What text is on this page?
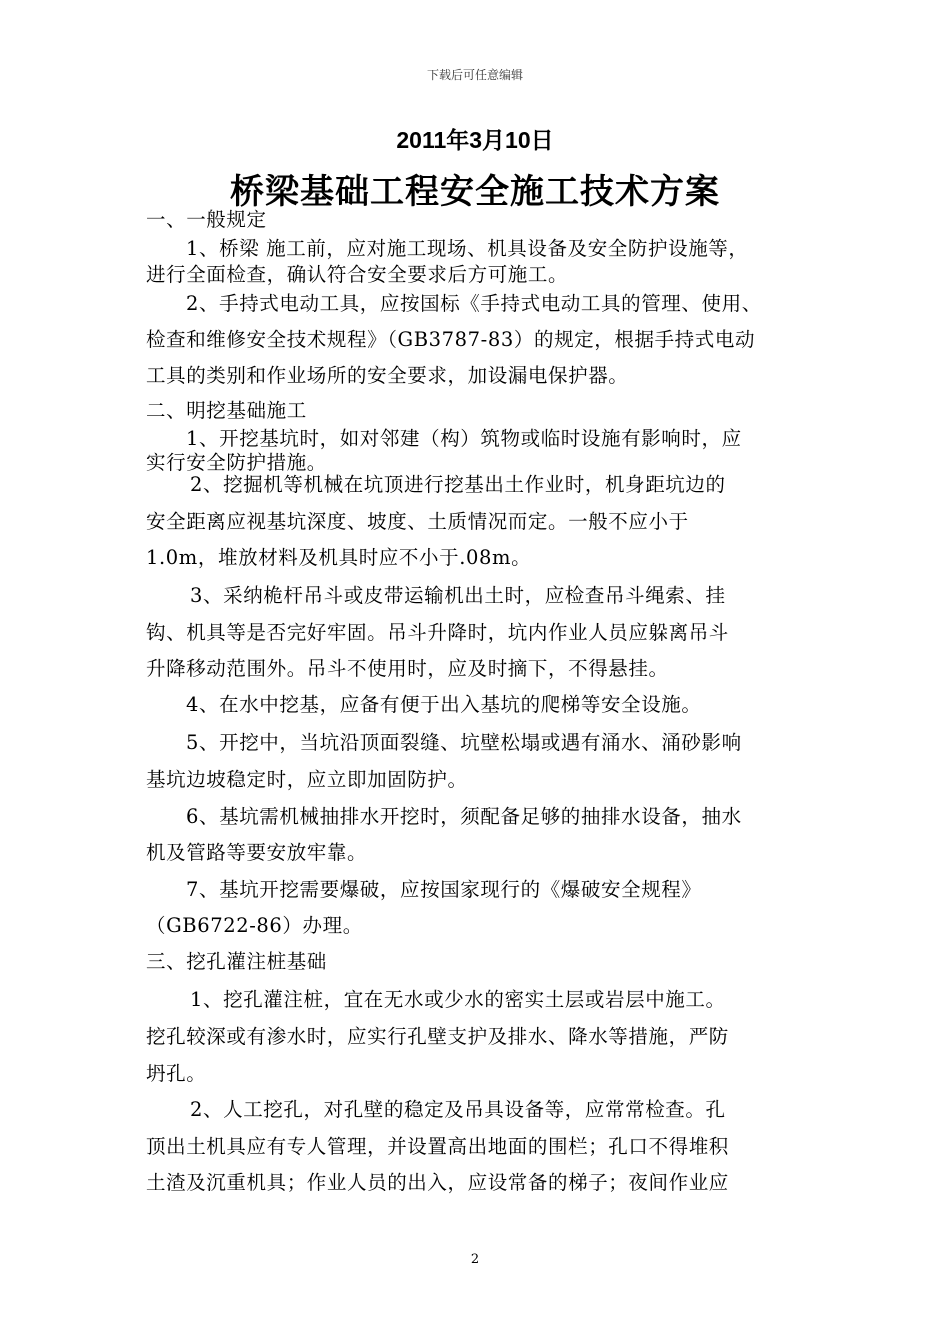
下载后可任意编辑
2011年3月10日
桥梁基础工程安全施工技术方案
一、一般规定
1、桥梁 施工前，应对施工现场、机具设备及安全防护设施等，
进行全面检查，确认符合安全要求后方可施工。
2、手持式电动工具，应按国标《手持式电动工具的管理、使用、
检查和维修安全技术规程》（GB3787-83）的规定，根据手持式电动
工具的类别和作业场所的安全要求，加设漏电保护器。
二、明挖基础施工
1、开挖基坑时，如对邻建（构）筑物或临时设施有影响时，应
实行安全防护措施。
2、挖掘机等机械在坑顶进行挖基出土作业时，机身距坑边的
安全距离应视基坑深度、坡度、土质情况而定。一般不应小于
1.0m，堆放材料及机具时应不小于.08m。
3、采纳桅杆吊斗或皮带运输机出土时，应检查吊斗绳索、挂
钩、机具等是否完好牢固。吊斗升降时，坑内作业人员应躲离吊斗
升降移动范围外。吊斗不使用时，应及时摘下，不得悬挂。
4、在水中挖基，应备有便于出入基坑的爬梯等安全设施。
5、开挖中，当坑沿顶面裂缝、坑壁松塌或遇有涌水、涌砂影响
基坑边坡稳定时，应立即加固防护。
6、基坑需机械抽排水开挖时，须配备足够的抽排水设备，抽水
机及管路等要安放牢靠。
7、基坑开挖需要爆破，应按国家现行的《爆破安全规程》
（GB6722-86）办理。
三、挖孔灌注桩基础
1、挖孔灌注桩，宜在无水或少水的密实土层或岩层中施工。
挖孔较深或有渗水时，应实行孔壁支护及排水、降水等措施，严防
坍孔。
2、人工挖孔，对孔壁的稳定及吊具设备等，应常常检查。孔
顶出土机具应有专人管理，并设置高出地面的围栏；孔口不得堆积
土渣及沉重机具；作业人员的出入，应设常备的梯子；夜间作业应
2
